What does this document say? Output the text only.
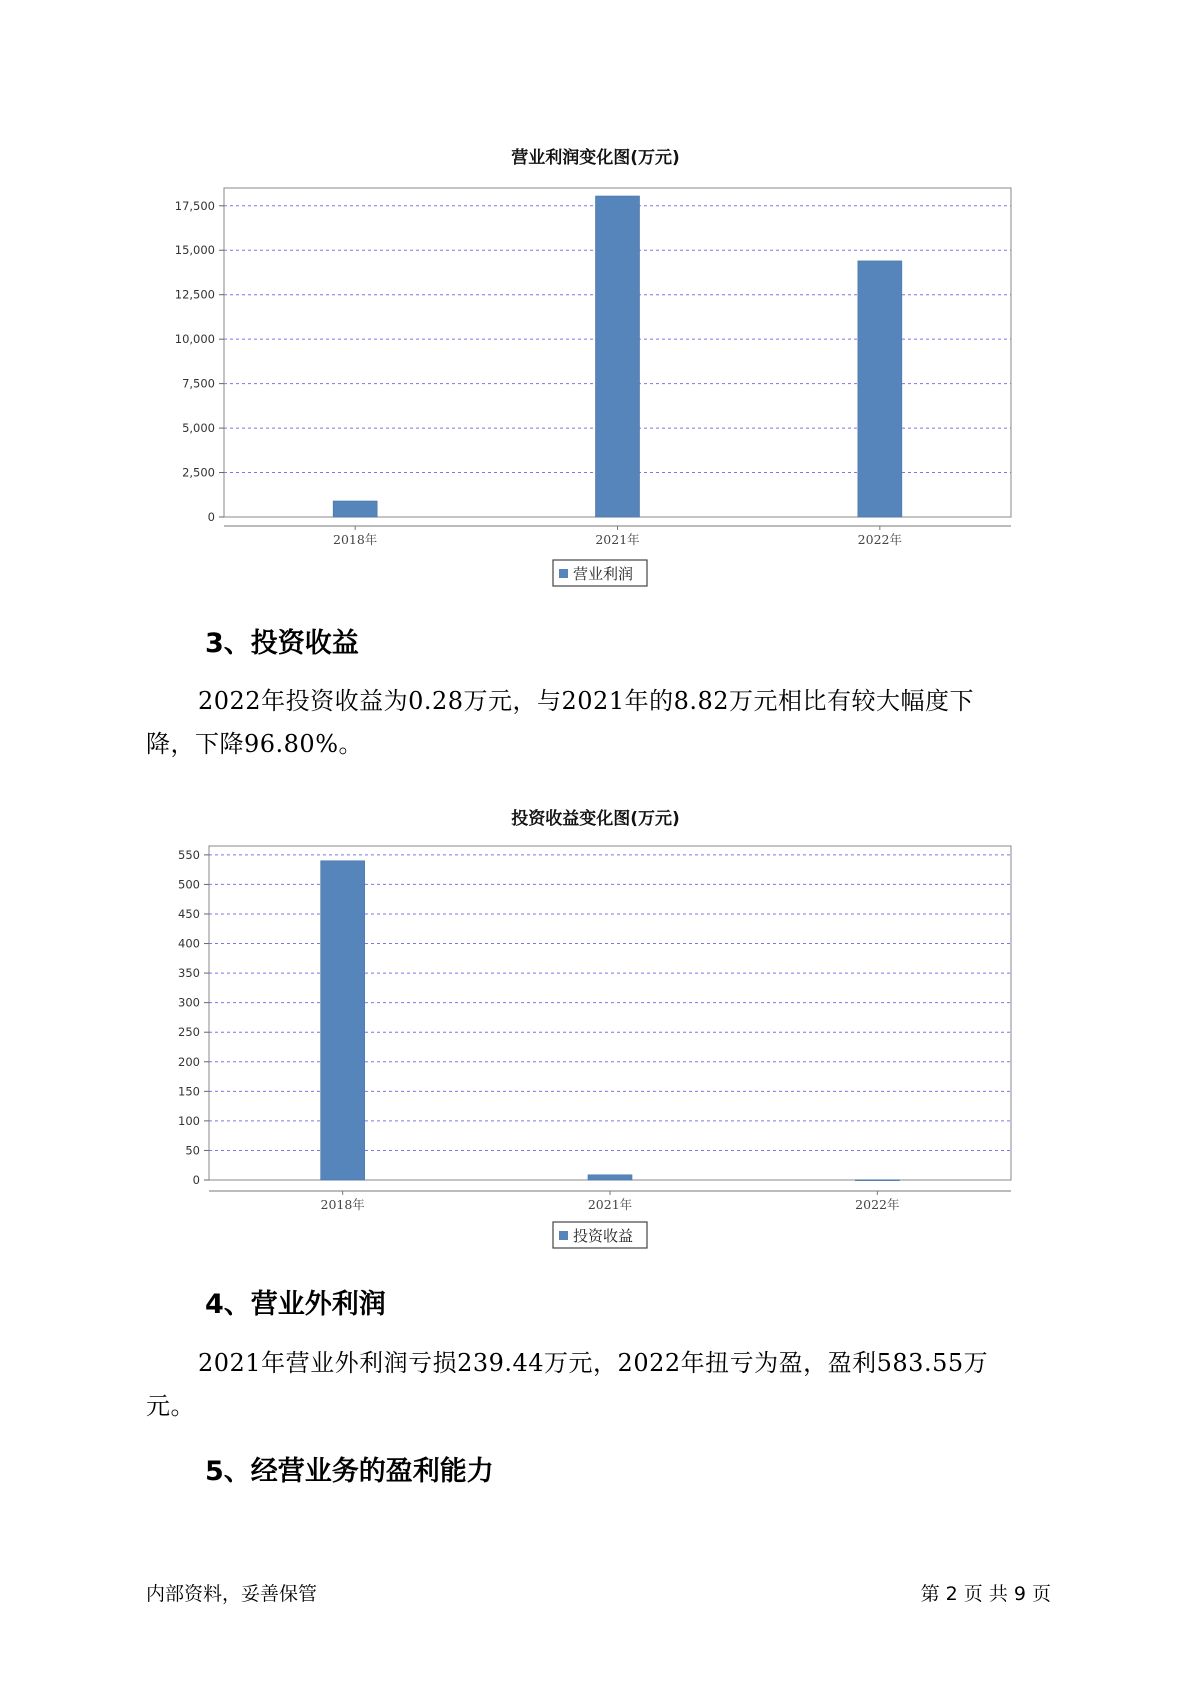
营业利润变化图(万元)
0
2,500
5,000
7,500
10,000
12,500
15,000
17,500
2018年	2021年	2022年
营业利润
3、投资收益
2022年投资收益为0.28万元，与2021年的8.82万元相比有较大幅度下
降，下降96.80%。
投资收益变化图(万元)
0
50
100
150
200
250
300
350
400
450
500
550
2018年	2021年	2022年
投资收益
4、营业外利润
2021年营业外利润亏损239.44万元，2022年扭亏为盈，盈利583.55万
元。
5、经营业务的盈利能力
内部资料，妥善保管	第 2 页 共 9 页
